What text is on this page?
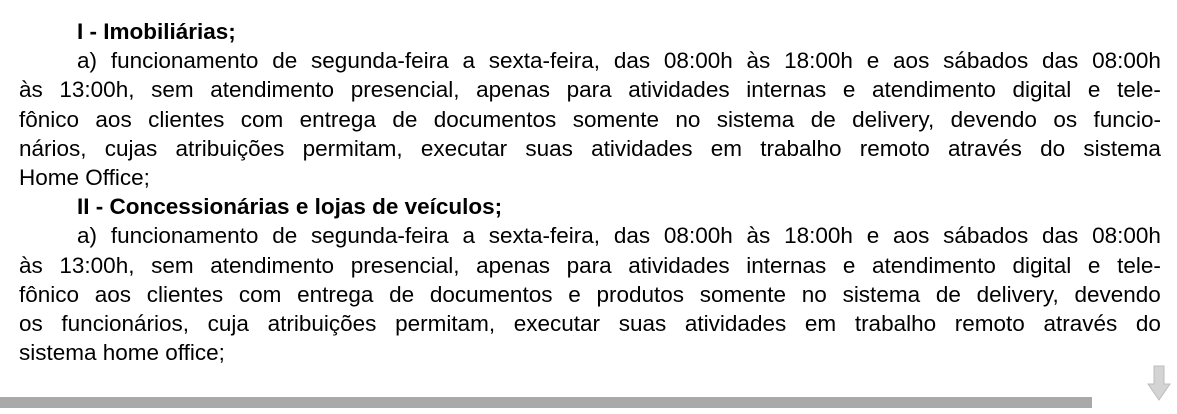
I - Imobiliárias;
a) funcionamento de segunda-feira a sexta-feira, das 08:00h às 18:00h e aos sábados das 08:00h
às 13:00h, sem atendimento presencial, apenas para atividades internas e atendimento digital e tele-
fônico aos clientes com entrega de documentos somente no sistema de delivery, devendo os funcio-
nários, cujas atribuições permitam, executar suas atividades em trabalho remoto através do sistema
Home Office;
II - Concessionárias e lojas de veículos;
a) funcionamento de segunda-feira a sexta-feira, das 08:00h às 18:00h e aos sábados das 08:00h
às 13:00h, sem atendimento presencial, apenas para atividades internas e atendimento digital e tele-
fônico aos clientes com entrega de documentos e produtos somente no sistema de delivery, devendo
os funcionários, cuja atribuições permitam, executar suas atividades em trabalho remoto através do
sistema home office;
